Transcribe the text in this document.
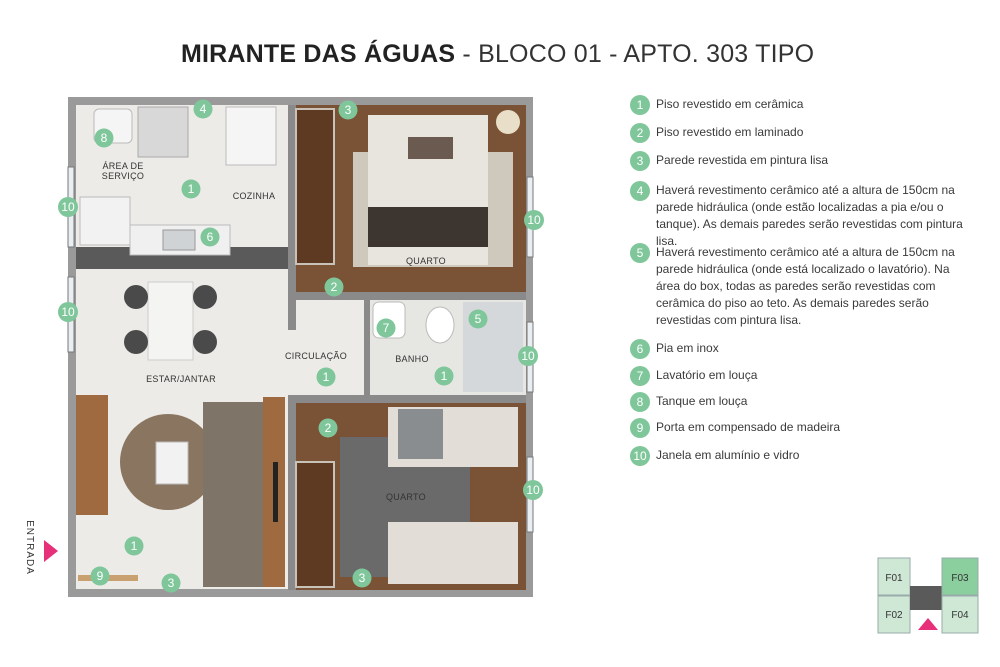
MIRANTE DAS ÁGUAS - BLOCO 01 - APTO. 303 TIPO
ÁREA DE
SERVIÇO
COZINHA
QUARTO
CIRCULAÇÃO	BANHO
ESTAR/JANTAR
QUARTO
1
1	1
1
2
2
3
3	3
4
5
6
7
8
9
10
10
10
10
10
1	Piso revestido em cerâmica
2	Piso revestido em laminado
3	Parede revestida em pintura lisa
4	Haverá revestimento cerâmico até a altura de 150cm na parede hidráulica (onde estão localizadas a pia e/ou o tanque). As demais paredes serão revestidas com pintura lisa.
5	Haverá revestimento cerâmico até a altura de 150cm na parede hidráulica (onde está localizado o lavatório). Na área do box, todas as paredes serão revestidas com cerâmica do piso ao teto. As demais paredes serão revestidas com pintura lisa.
6	Pia em inox
7	Lavatório em louça
8	Tanque em louça
9	Porta em compensado de madeira
10 Janela em alumínio e vidro
ENTRADA
F01
F02
F03
F04
